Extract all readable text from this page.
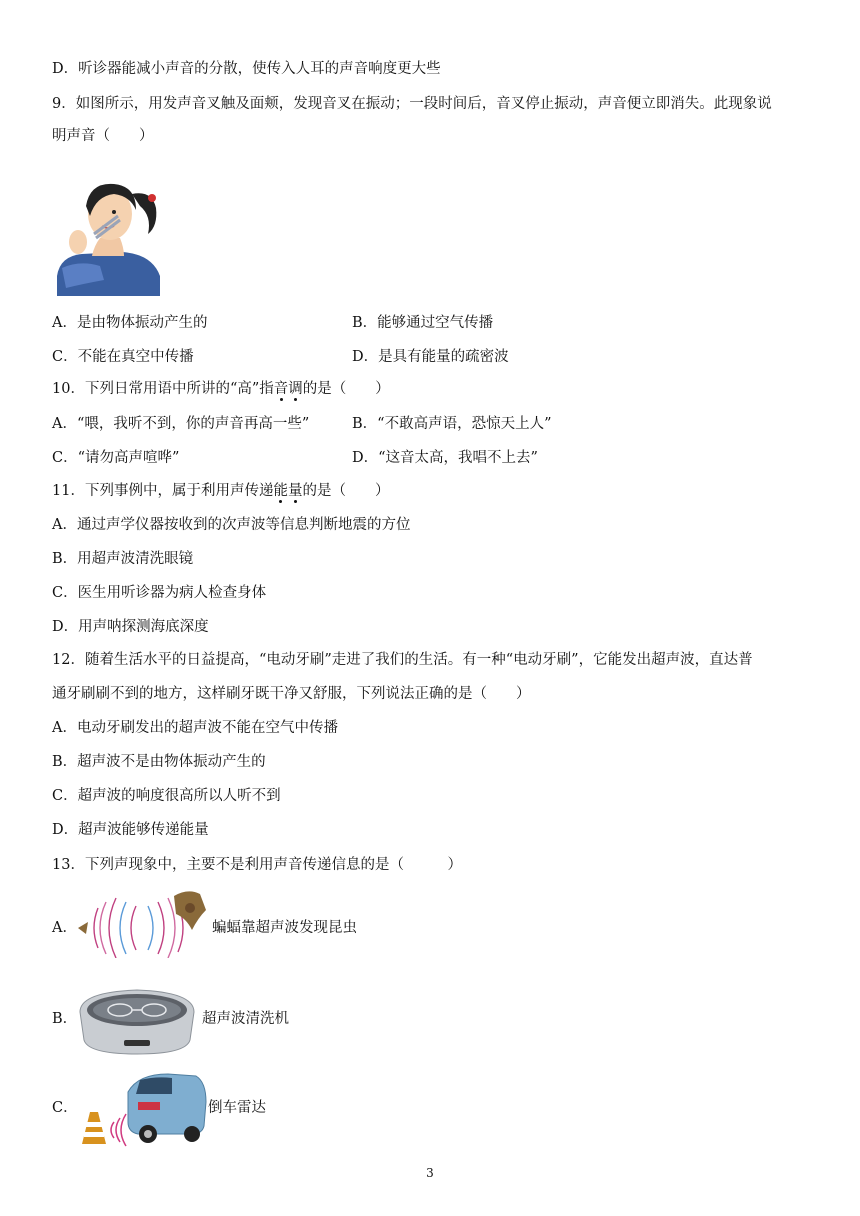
D．听诊器能减小声音的分散，使传入人耳的声音响度更大些
9．如图所示，用发声音叉触及面颊，发现音叉在振动；一段时间后，音叉停止振动，声音便立即消失。此现象说
明声音（　　）
A．是由物体振动产生的	B．能够通过空气传播
C．不能在真空中传播	D．是具有能量的疏密波
10．下列日常用语中所讲的“高”指音调的是（　　）
A．“喂，我听不到，你的声音再高一些”	B．“不敢高声语，恐惊天上人”
C．“请勿高声喧哗”	D．“这音太高，我唱不上去”
11．下列事例中，属于利用声传递能量的是（　　）
A．通过声学仪器按收到的次声波等信息判断地震的方位
B．用超声波清洗眼镜
C．医生用听诊器为病人检查身体
D．用声呐探测海底深度
12．随着生活水平的日益提高，“电动牙刷”走进了我们的生活。有一种“电动牙刷”，它能发出超声波，直达普
通牙刷刷不到的地方，这样刷牙既干净又舒服，下列说法正确的是（　　）
A．电动牙刷发出的超声波不能在空气中传播
B．超声波不是由物体振动产生的
C．超声波的响度很高所以人听不到
D．超声波能够传递能量
13．下列声现象中，主要不是利用声音传递信息的是（　　　）
A．	蝙蝠靠超声波发现昆虫
B．	超声波清洗机
C．	倒车雷达
3
